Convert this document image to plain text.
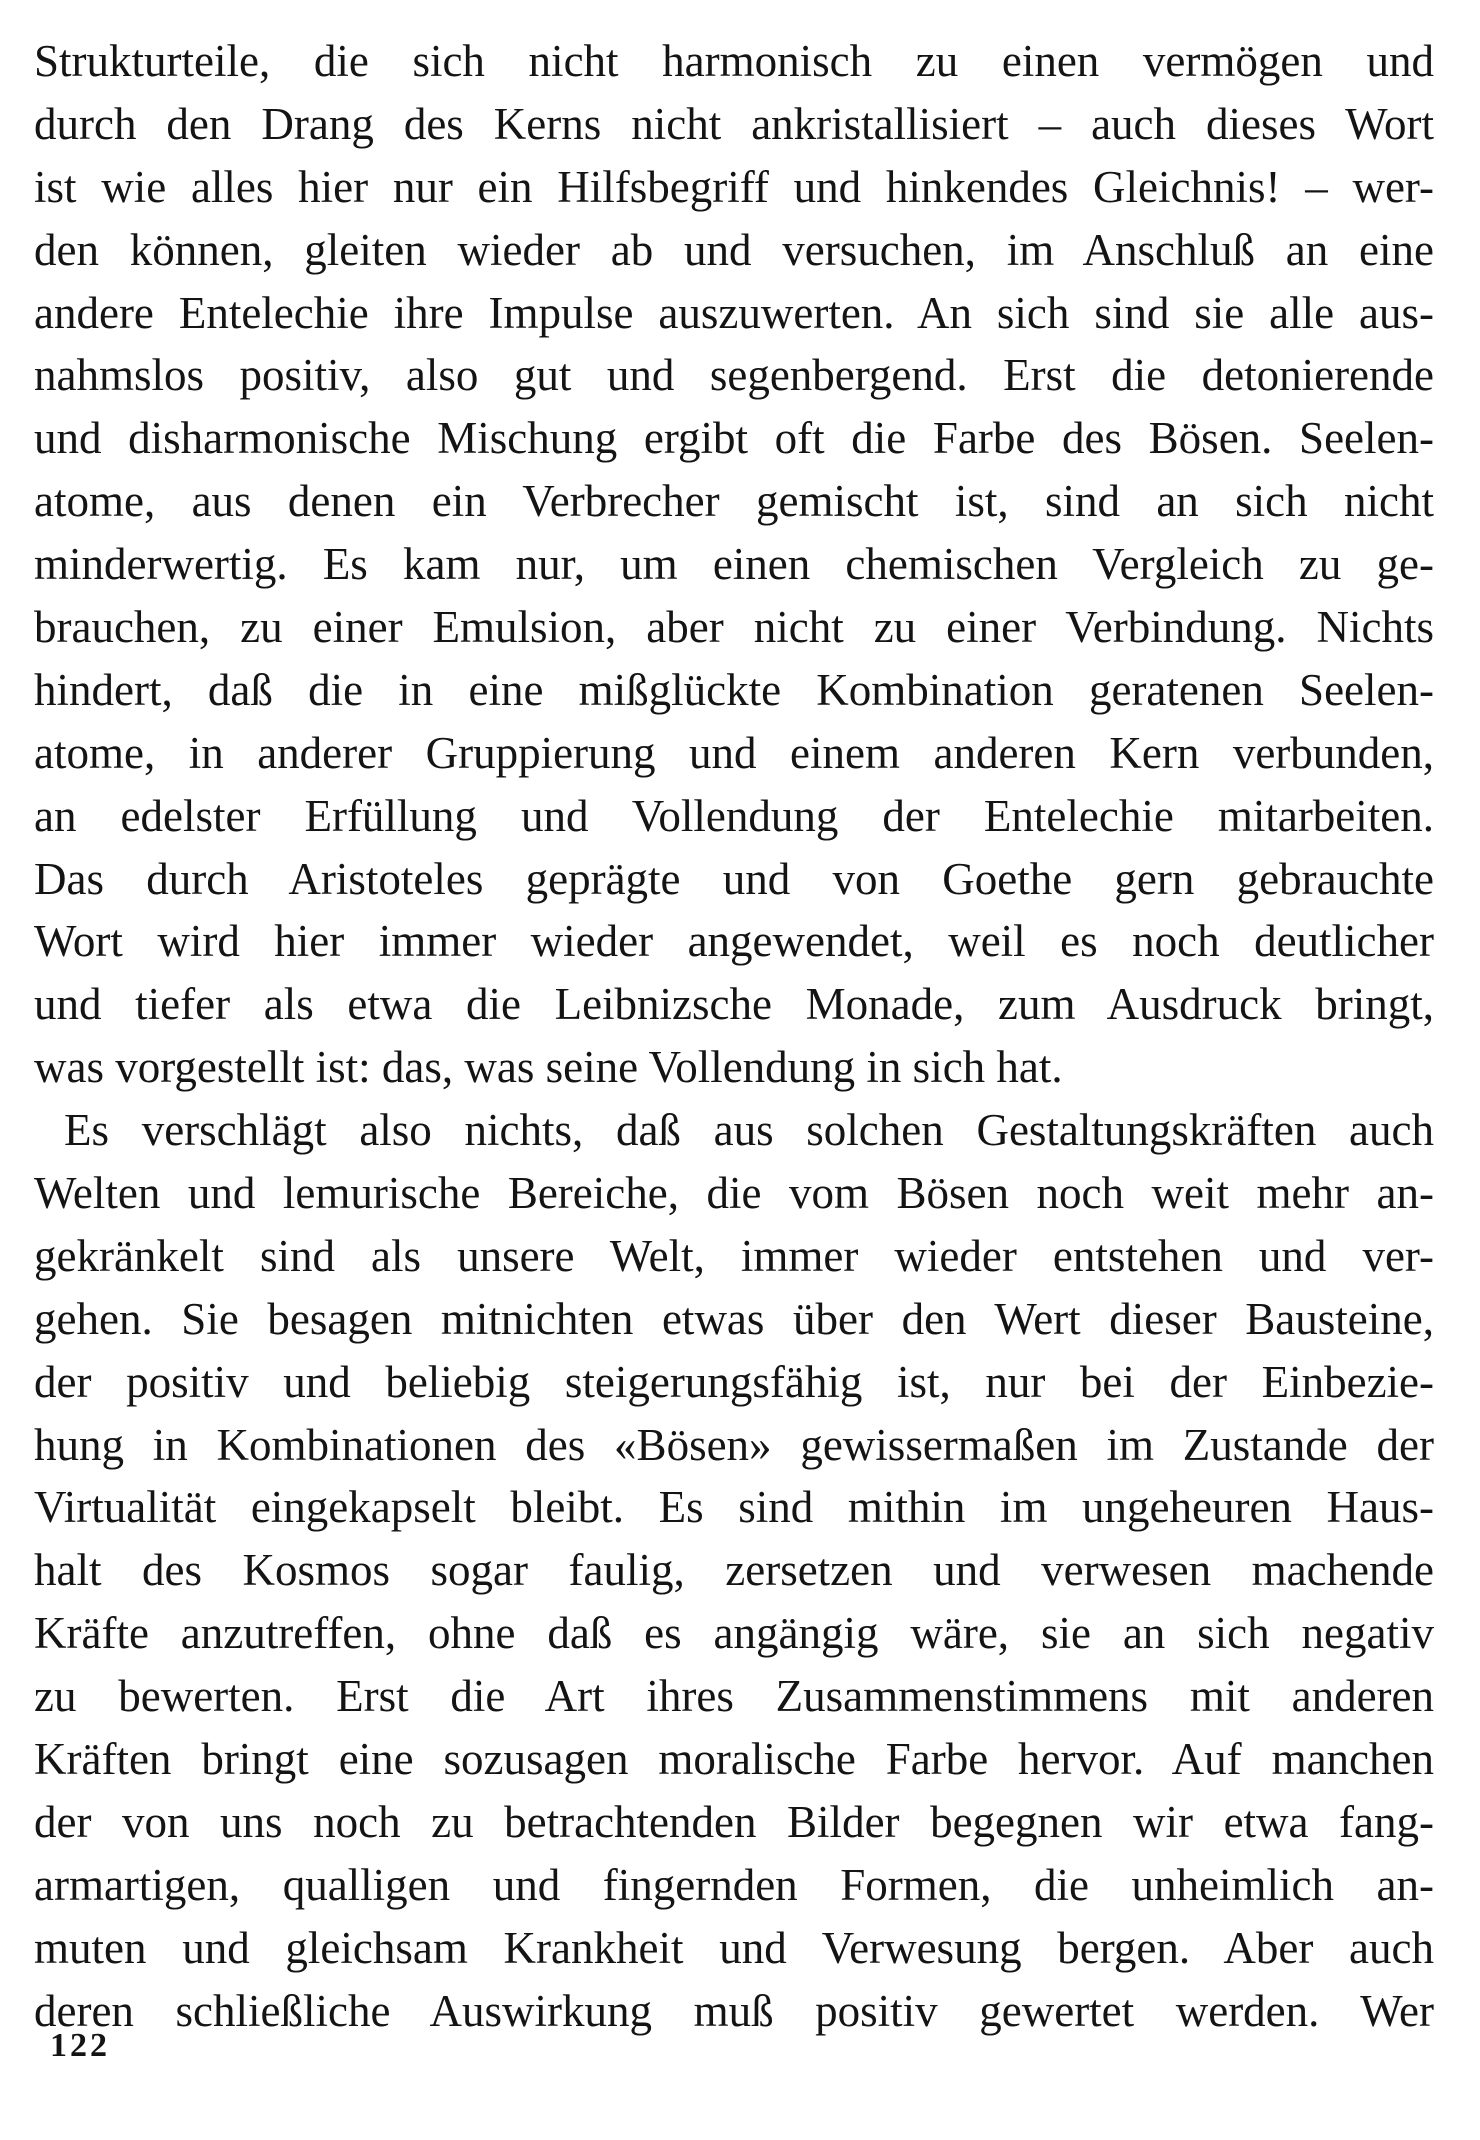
Strukturteile, die sich nicht harmonisch zu einen vermögen und
durch den Drang des Kerns nicht ankristallisiert – auch dieses Wort
ist wie alles hier nur ein Hilfsbegriff und hinkendes Gleichnis! – wer-
den können, gleiten wieder ab und versuchen, im Anschluß an eine
andere Entelechie ihre Impulse auszuwerten. An sich sind sie alle aus-
nahmslos positiv, also gut und segenbergend. Erst die detonierende
und disharmonische Mischung ergibt oft die Farbe des Bösen. Seelen-
atome, aus denen ein Verbrecher gemischt ist, sind an sich nicht
minderwertig. Es kam nur, um einen chemischen Vergleich zu ge-
brauchen, zu einer Emulsion, aber nicht zu einer Verbindung. Nichts
hindert, daß die in eine mißglückte Kombination geratenen Seelen-
atome, in anderer Gruppierung und einem anderen Kern verbunden,
an edelster Erfüllung und Vollendung der Entelechie mitarbeiten.
Das durch Aristoteles geprägte und von Goethe gern gebrauchte
Wort wird hier immer wieder angewendet, weil es noch deutlicher
und tiefer als etwa die Leibnizsche Monade, zum Ausdruck bringt,
was vorgestellt ist: das, was seine Vollendung in sich hat.
Es verschlägt also nichts, daß aus solchen Gestaltungskräften auch
Welten und lemurische Bereiche, die vom Bösen noch weit mehr an-
gekränkelt sind als unsere Welt, immer wieder entstehen und ver-
gehen. Sie besagen mitnichten etwas über den Wert dieser Bausteine,
der positiv und beliebig steigerungsfähig ist, nur bei der Einbezie-
hung in Kombinationen des «Bösen» gewissermaßen im Zustande der
Virtualität eingekapselt bleibt. Es sind mithin im ungeheuren Haus-
halt des Kosmos sogar faulig, zersetzen und verwesen machende
Kräfte anzutreffen, ohne daß es angängig wäre, sie an sich negativ
zu bewerten. Erst die Art ihres Zusammenstimmens mit anderen
Kräften bringt eine sozusagen moralische Farbe hervor. Auf manchen
der von uns noch zu betrachtenden Bilder begegnen wir etwa fang-
armartigen, qualligen und fingernden Formen, die unheimlich an-
muten und gleichsam Krankheit und Verwesung bergen. Aber auch
deren schließliche Auswirkung muß positiv gewertet werden. Wer
122
